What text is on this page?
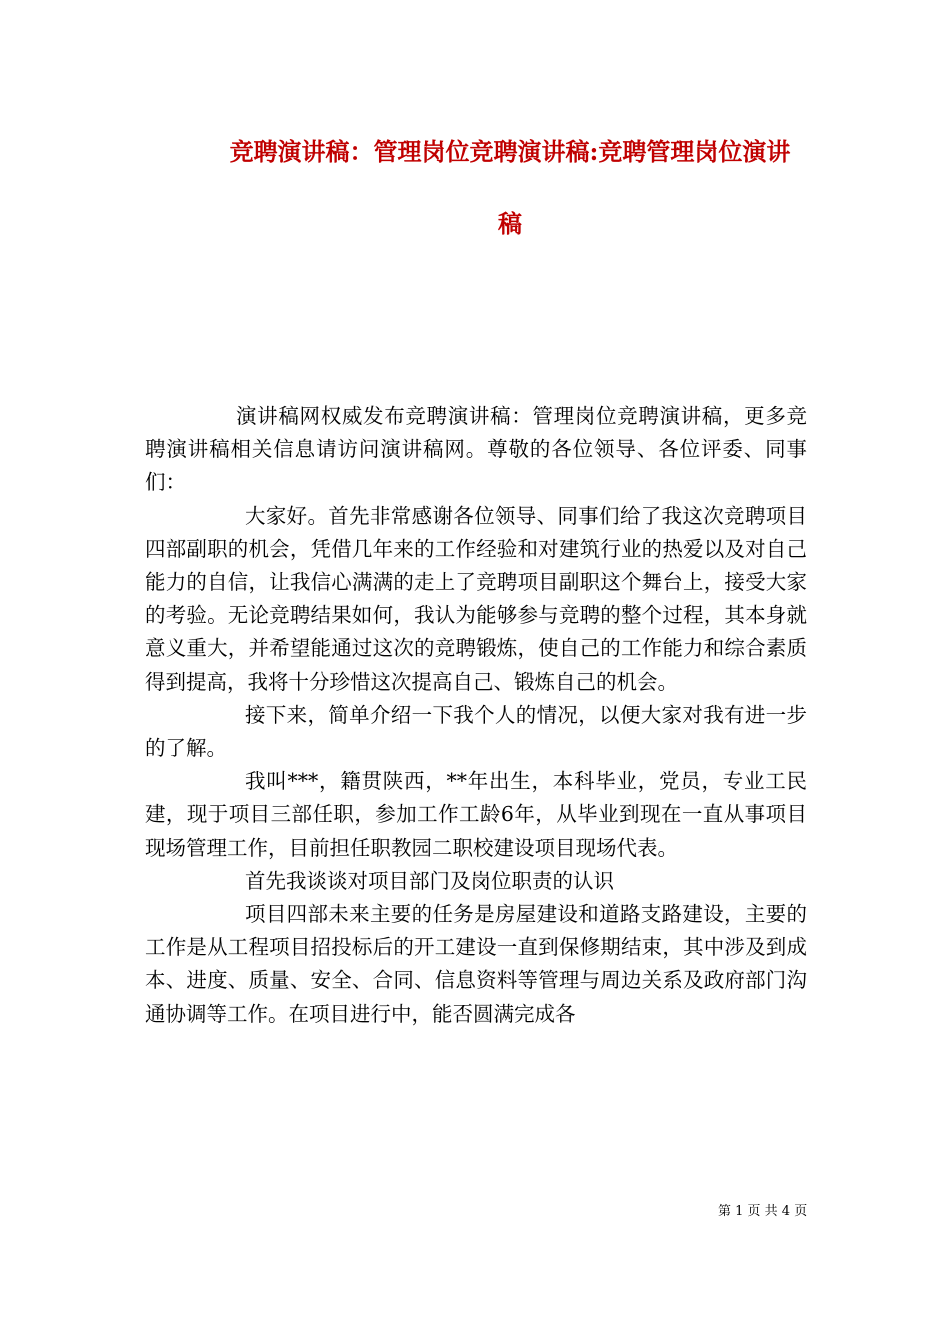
竞聘演讲稿：管理岗位竞聘演讲稿:竞聘管理岗位演讲
稿

演讲稿网权威发布竞聘演讲稿：管理岗位竞聘演讲稿，更多竞聘演讲稿相关信息请访问演讲稿网。尊敬的各位领导、各位评委、同事们：

大家好。首先非常感谢各位领导、同事们给了我这次竞聘项目四部副职的机会，凭借几年来的工作经验和对建筑行业的热爱以及对自己能力的自信，让我信心满满的走上了竞聘项目副职这个舞台上，接受大家的考验。无论竞聘结果如何，我认为能够参与竞聘的整个过程，其本身就意义重大，并希望能通过这次的竞聘锻炼，使自己的工作能力和综合素质得到提高，我将十分珍惜这次提高自己、锻炼自己的机会。

接下来，简单介绍一下我个人的情况，以便大家对我有进一步的了解。

我叫***，籍贯陕西，**年出生，本科毕业，党员，专业工民建，现于项目三部任职，参加工作工龄6年，从毕业到现在一直从事项目现场管理工作，目前担任职教园二职校建设项目现场代表。

首先我谈谈对项目部门及岗位职责的认识

项目四部未来主要的任务是房屋建设和道路支路建设，主要的工作是从工程项目招投标后的开工建设一直到保修期结束，其中涉及到成本、进度、质量、安全、合同、信息资料等管理与周边关系及政府部门沟通协调等工作。在项目进行中，能否圆满完成各

第 1 页 共 4 页
